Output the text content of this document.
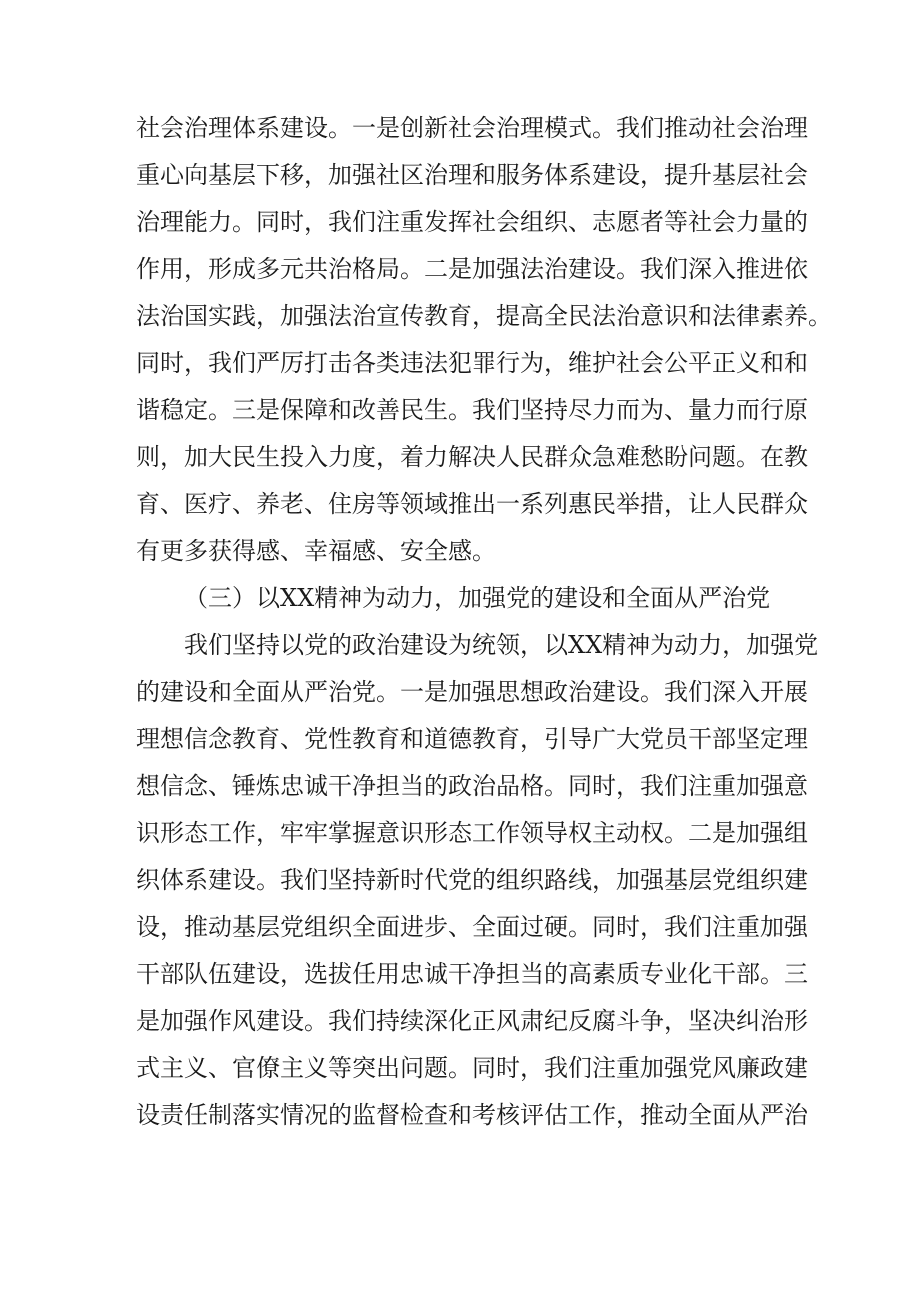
社会治理体系建设。一是创新社会治理模式。我们推动社会治理
重心向基层下移，加强社区治理和服务体系建设，提升基层社会
治理能力。同时，我们注重发挥社会组织、志愿者等社会力量的
作用，形成多元共治格局。二是加强法治建设。我们深入推进依
法治国实践，加强法治宣传教育，提高全民法治意识和法律素养。
同时，我们严厉打击各类违法犯罪行为，维护社会公平正义和和
谐稳定。三是保障和改善民生。我们坚持尽力而为、量力而行原
则，加大民生投入力度，着力解决人民群众急难愁盼问题。在教
育、医疗、养老、住房等领域推出一系列惠民举措，让人民群众
有更多获得感、幸福感、安全感。
（三）以XX精神为动力，加强党的建设和全面从严治党
我们坚持以党的政治建设为统领，以XX精神为动力，加强党
的建设和全面从严治党。一是加强思想政治建设。我们深入开展
理想信念教育、党性教育和道德教育，引导广大党员干部坚定理
想信念、锤炼忠诚干净担当的政治品格。同时，我们注重加强意
识形态工作，牢牢掌握意识形态工作领导权主动权。二是加强组
织体系建设。我们坚持新时代党的组织路线，加强基层党组织建
设，推动基层党组织全面进步、全面过硬。同时，我们注重加强
干部队伍建设，选拔任用忠诚干净担当的高素质专业化干部。三
是加强作风建设。我们持续深化正风肃纪反腐斗争，坚决纠治形
式主义、官僚主义等突出问题。同时，我们注重加强党风廉政建
设责任制落实情况的监督检查和考核评估工作，推动全面从严治
